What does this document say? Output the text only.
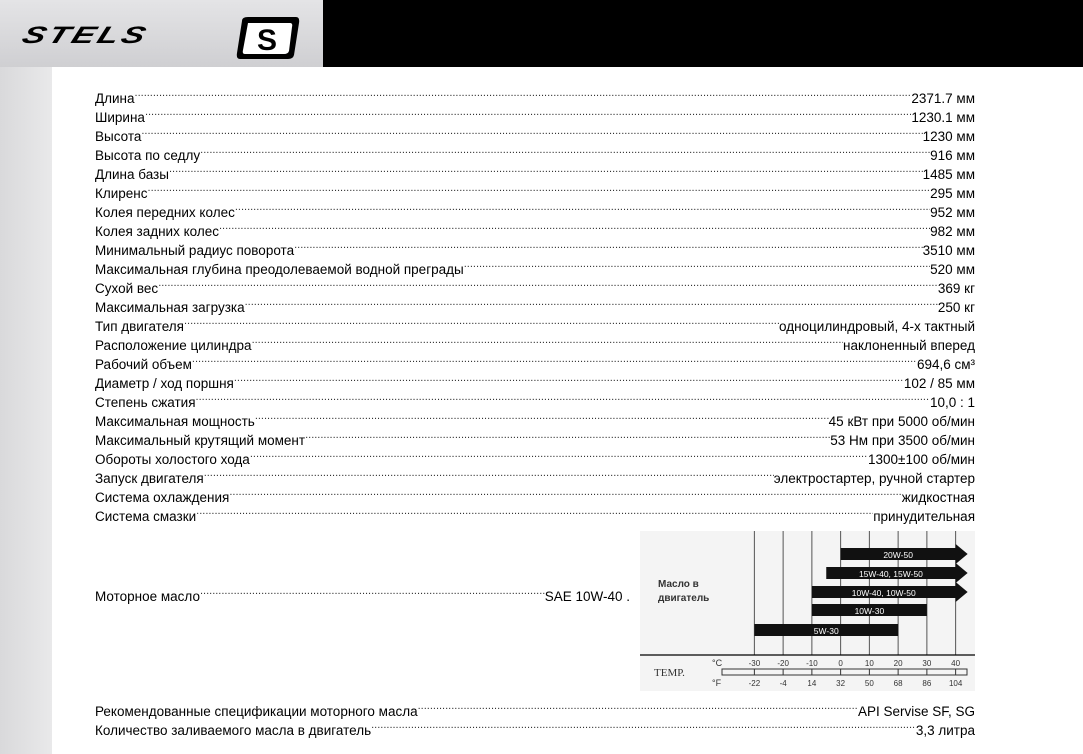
STELS	S
Длина .....	2371.7 мм
Ширина .....	1230.1 мм
Высота .....	1230 мм
Высота по седлу .....	916 мм
Длина базы .....	1485 мм
Клиренс .....	295 мм
Колея передних колес .....	952 мм
Колея задних колес .....	982 мм
Минимальный радиус поворота .....	3510 мм
Максимальная глубина преодолеваемой водной преграды .....	520 мм
Сухой вес .....	369 кг
Максимальная загрузка .....	250 кг
Тип двигателя .....	одноцилиндровый, 4-х тактный
Расположение цилиндра .....	наклоненный вперед
Рабочий объем .....	694,6 см³
Диаметр / ход поршня .....	102 / 85 мм
Степень сжатия .....	10,0 : 1
Максимальная мощность .....	45 кВт при 5000 об/мин
Максимальный крутящий момент .....	53 Нм при 3500 об/мин
Обороты холостого хода .....	1300±100 об/мин
Запуск двигателя .....	электростартер, ручной стартер
Система охлаждения .....	жидкостная
Система смазки .....	принудительная
Моторное масло .....	SAE 10W-40 .
Масло в двигатель
20W-50
15W-40, 15W-50
10W-40, 10W-50
10W-30
5W-30
TEMP.
°C
°F
-30
-22
-20
-4
-10
14
0
32
10
50
20
68
30
86
40
104
Рекомендованные спецификации моторного масла .....	API Servise SF, SG
Количество заливаемого масла в двигатель .....	3,3 литра
